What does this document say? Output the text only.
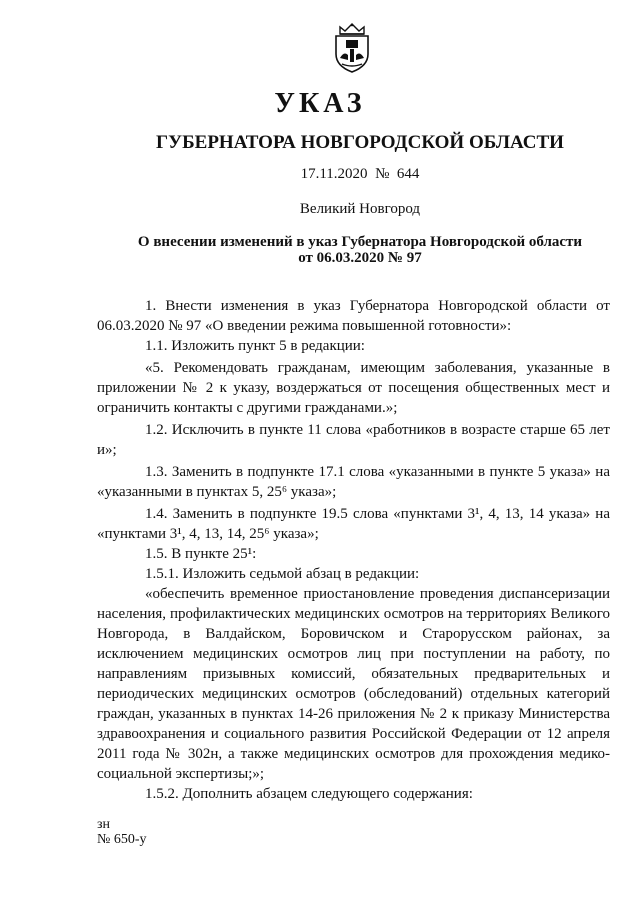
УКАЗ
ГУБЕРНАТОРА НОВГОРОДСКОЙ ОБЛАСТИ
17.11.2020 № 644
Великий Новгород
О внесении изменений в указ Губернатора Новгородской области
от 06.03.2020 № 97

1. Внести изменения в указ Губернатора Новгородской области от 06.03.2020 № 97 «О введении режима повышенной готовности»:

1.1. Изложить пункт 5 в редакции:

«5. Рекомендовать гражданам, имеющим заболевания, указанные в приложении № 2 к указу, воздержаться от посещения общественных мест и ограничить контакты с другими гражданами.»;

1.2. Исключить в пункте 11 слова «работников в возрасте старше 65 лет и»;

1.3. Заменить в подпункте 17.1 слова «указанными в пункте 5 указа» на «указанными в пунктах 5, 25⁶ указа»;

1.4. Заменить в подпункте 19.5 слова «пунктами 3¹, 4, 13, 14 указа» на «пунктами 3¹, 4, 13, 14, 25⁶ указа»;

1.5. В пункте 25¹:

1.5.1. Изложить седьмой абзац в редакции:

«обеспечить временное приостановление проведения диспансеризации населения, профилактических медицинских осмотров на территориях Великого Новгорода, в Валдайском, Боровичском и Старорусском районах, за исключением медицинских осмотров лиц при поступлении на работу, по направлениям призывных комиссий, обязательных предварительных и периодических медицинских осмотров (обследований) отдельных категорий граждан, указанных в пунктах 14-26 приложения № 2 к приказу Министерства здравоохранения и социального развития Российской Федерации от 12 апреля 2011 года № 302н, а также медицинских осмотров для прохождения медико-социальной экспертизы;»;

1.5.2. Дополнить абзацем следующего содержания:

зн
№ 650-у
